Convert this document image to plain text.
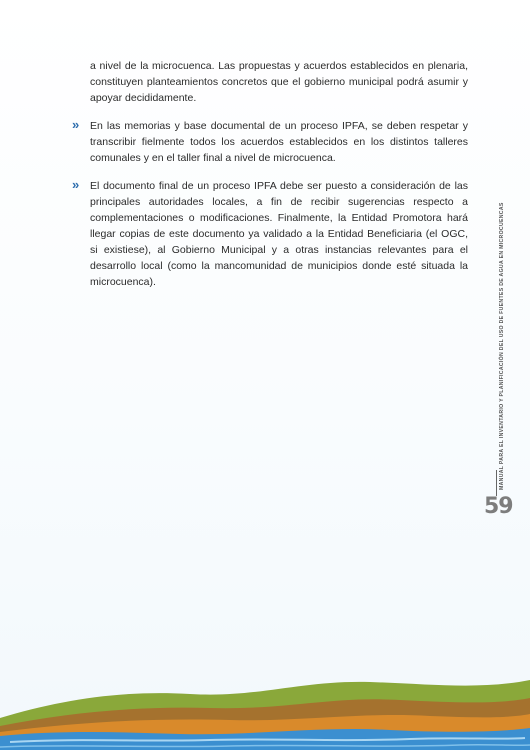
a nivel de la microcuenca. Las propuestas y acuerdos establecidos en plenaria, constituyen planteamientos concretos que el gobierno municipal podrá asumir y apoyar decididamente.

» En las memorias y base documental de un proceso IPFA, se deben respetar y transcribir fielmente todos los acuerdos establecidos en los distintos talleres comunales y en el taller final a nivel de microcuenca.
» El documento final de un proceso IPFA debe ser puesto a consideración de las principales autoridades locales, a fin de recibir sugerencias respecto a complementaciones o modificaciones. Finalmente, la Entidad Promotora hará llegar copias de este documento ya validado a la Entidad Beneficiaria (el OGC, si existiese), al Gobierno Municipal y a otras instancias relevantes para el desarrollo local (como la mancomunidad de municipios donde esté situada la microcuenca).	MANUAL PARA EL INVENTARIO Y PLANIFICACIÓN DEL USO DE FUENTES DE AGUA EN MICROCUENCAS
59
